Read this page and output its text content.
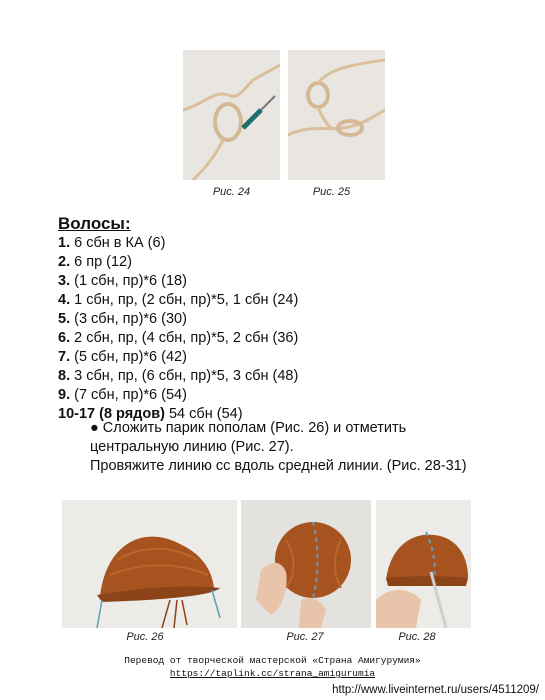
Рис. 24	Рис. 25
Волосы:
1. 6 сбн в КА (6)
2. 6 пр (12)
3. (1 сбн, пр)*6 (18)
4. 1 сбн, пр, (2 сбн, пр)*5, 1 сбн (24)
5. (3 сбн, пр)*6 (30)
6. 2 сбн, пр, (4 сбн, пр)*5, 2 сбн (36)
7. (5 сбн, пр)*6 (42)
8. 3 сбн, пр, (6 сбн, пр)*5, 3 сбн (48)
9. (7 сбн, пр)*6 (54)
10-17 (8 рядов) 54 сбн (54)

● Сложить парик пополам (Рис. 26) и отметить центральную линию (Рис. 27).

Провяжите линию сс вдоль средней линии. (Рис. 28-31)

Рис. 26	Рис. 27	Рис. 28
Перевод от творческой мастерской «Страна Амигурумия»
https://taplink.cc/strana_amigurumia
http://www.liveinternet.ru/users/4511209/
